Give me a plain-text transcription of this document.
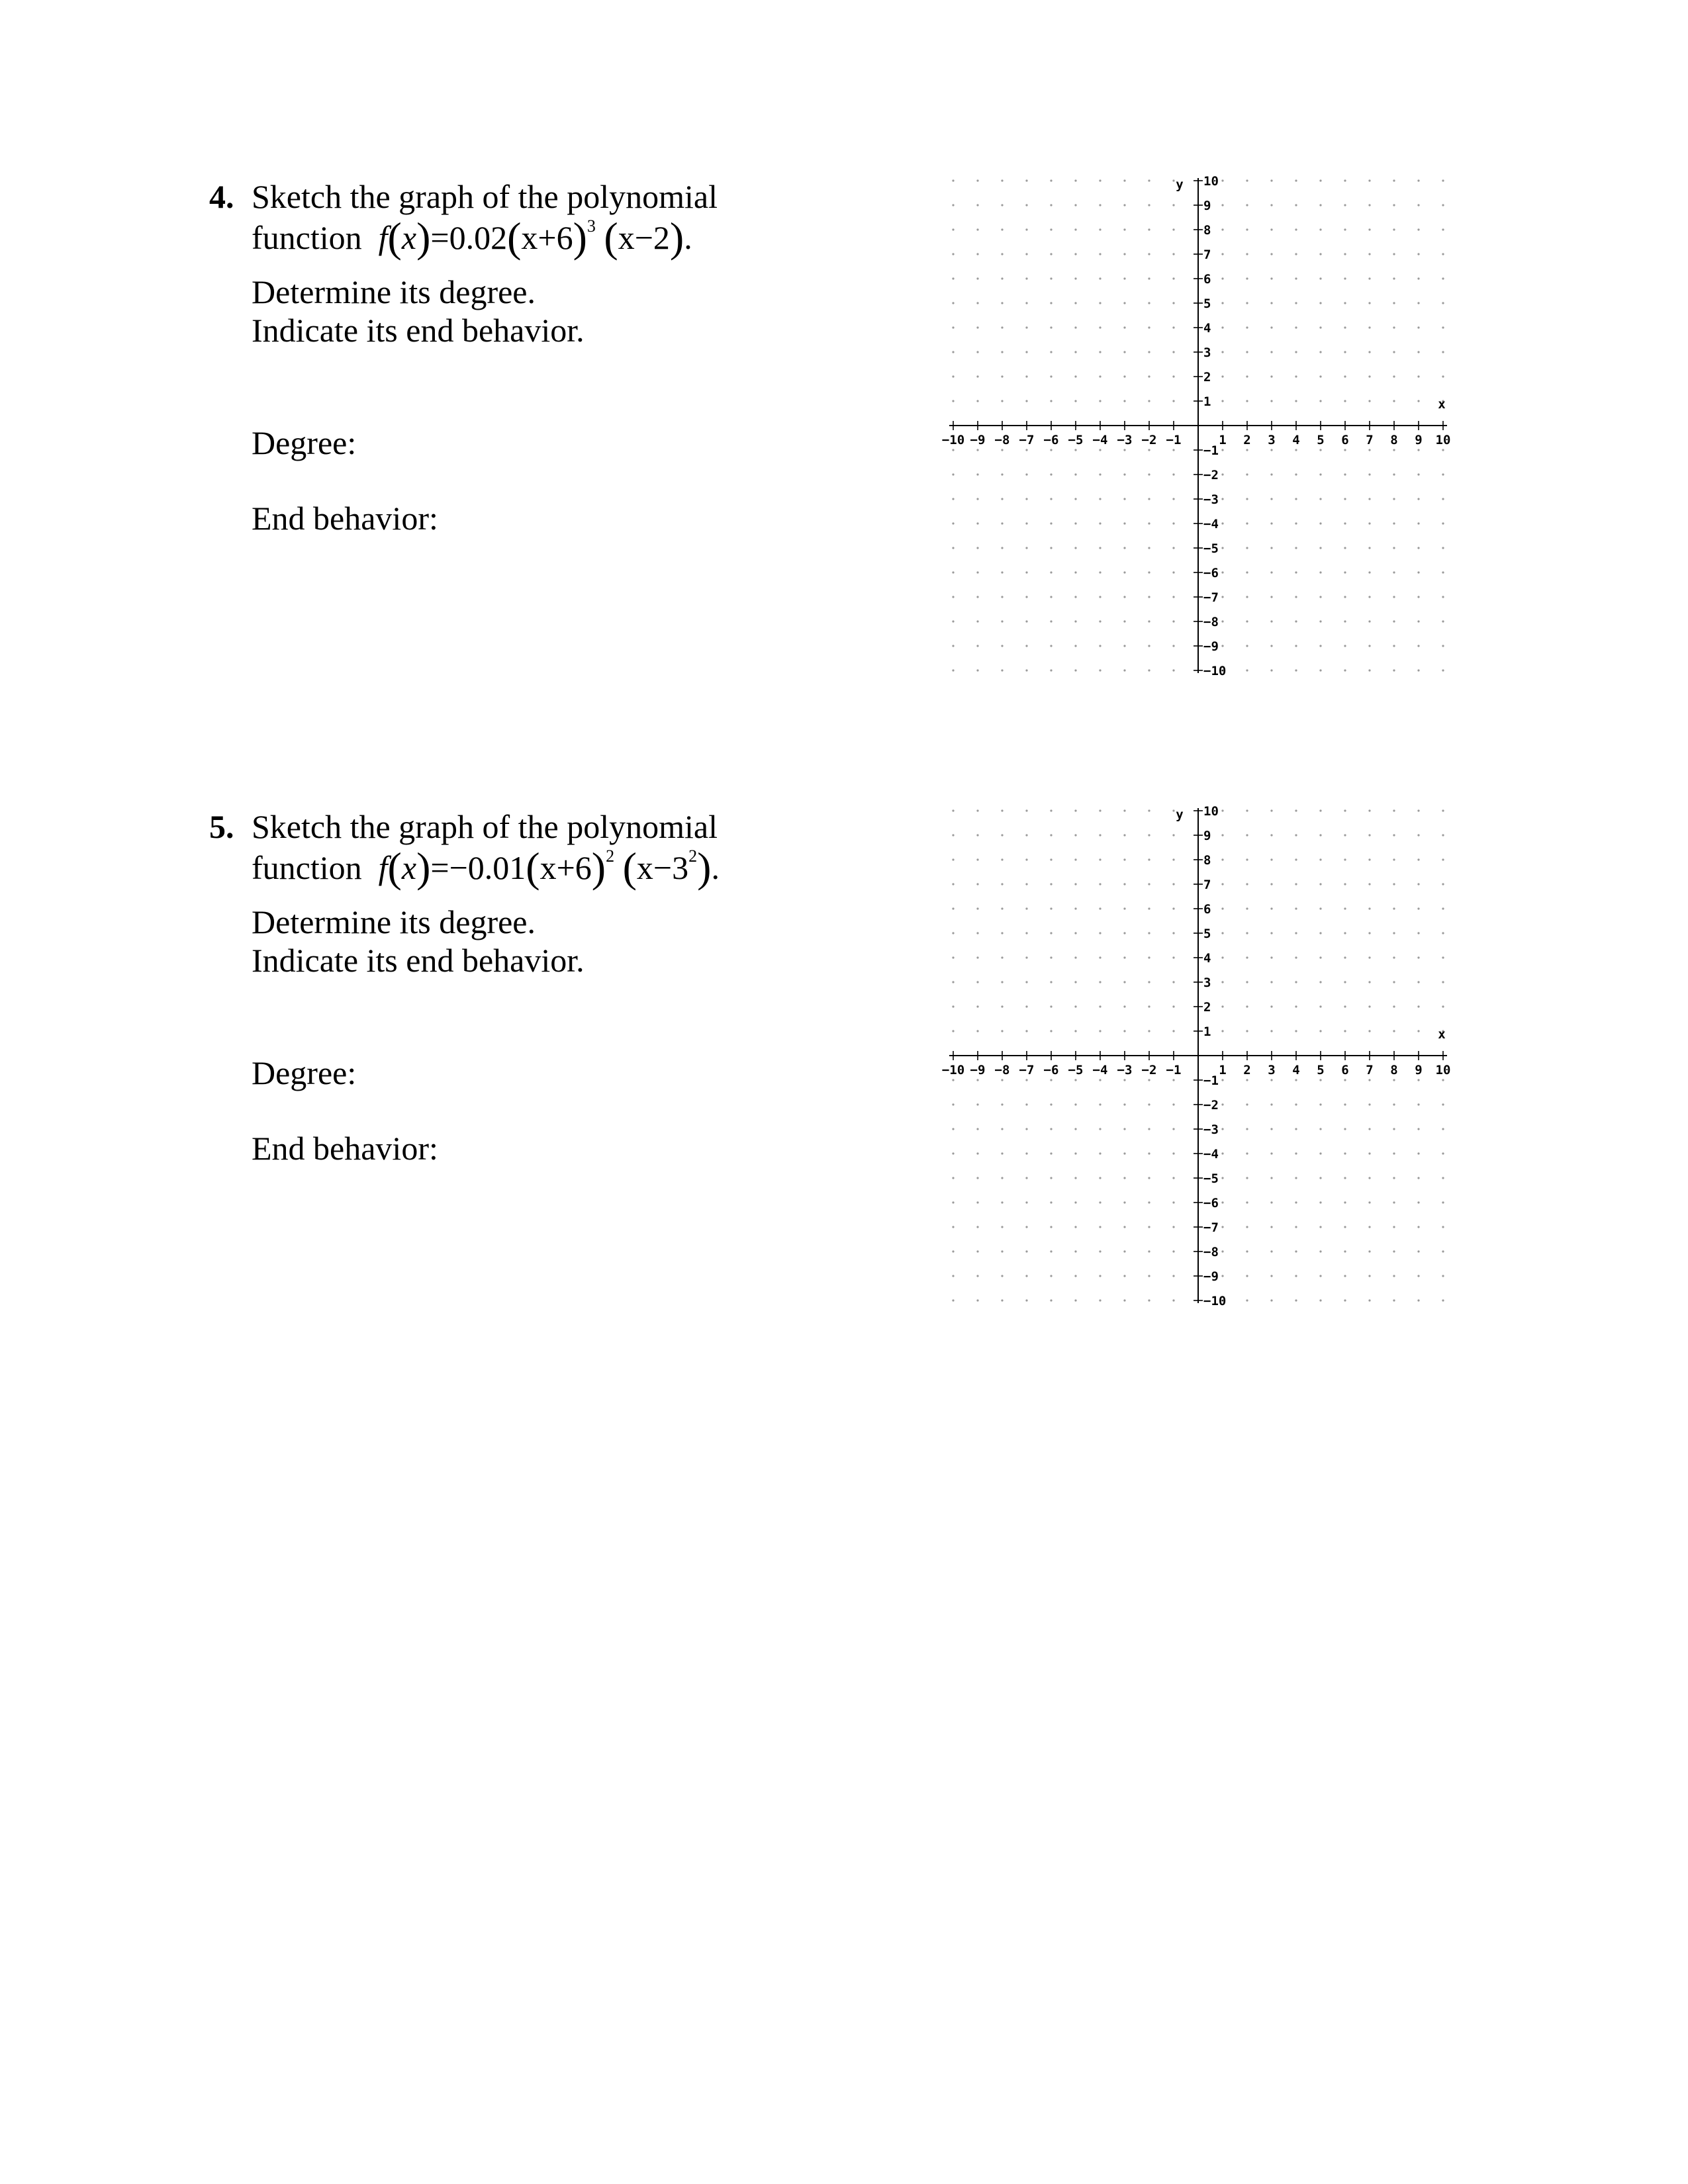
4. Sketch the graph of the polynomial
function $f(x)=0.02(x+6)^3$ (x−2).
Determine its degree.
Indicate its end behavior.
Degree:
End behavior:
−10 −9 −8 −7 −6 −5 −4 −3 −2 −1	1 2 3 4 5 6 7 8 9 10
10
9
8
7
6
5
4
3
2
1
−1
−2
−3
−4
−5
−6
−7
−8
−9
−10
x
y
5. Sketch the graph of the polynomial
function $f(x)=-0.01(x+6)^2$ $(x-3^2)$.
Determine its degree.
Indicate its end behavior.
Degree:
End behavior:
−10 −9 −8 −7 −6 −5 −4 −3 −2 −1	1 2 3 4 5 6 7 8 9 10
10
9
8
7
6
5
4
3
2
1
−1
−2
−3
−4
−5
−6
−7
−8
−9
−10
x
y
